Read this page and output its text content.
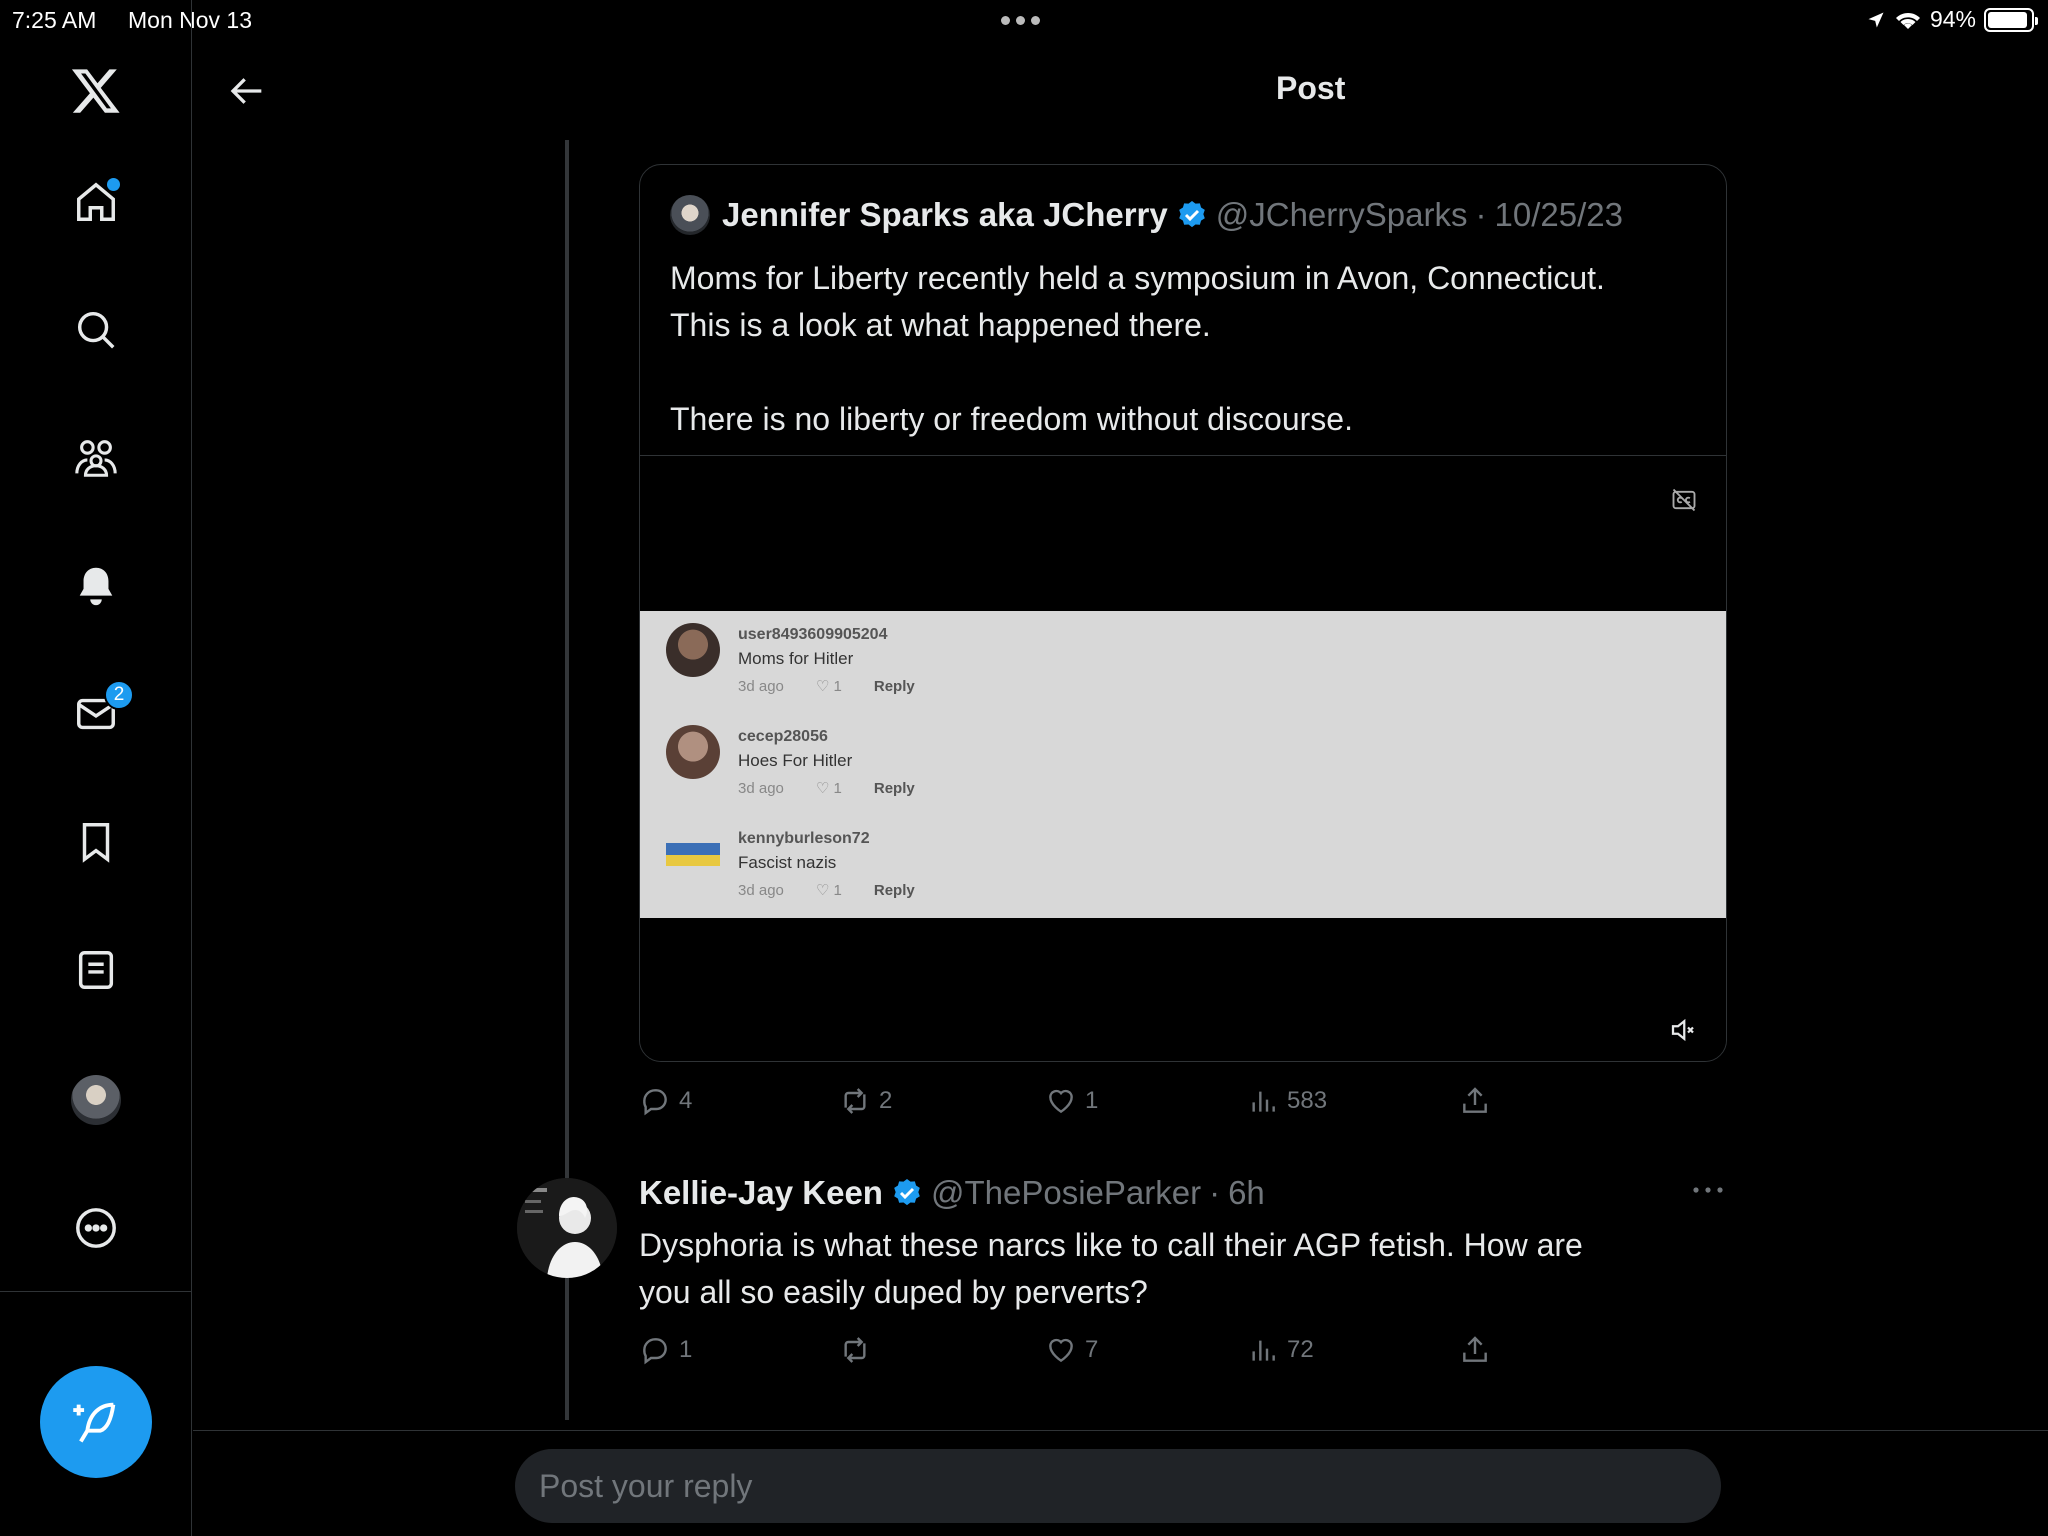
7:25 AM Mon Nov 13	94%
2
Post
Jennifer Sparks aka JCherry @JCherrySparks · 10/25/23

Moms for Liberty recently held a symposium in Avon, Connecticut.

This is a look at what happened there.

There is no liberty or freedom without discourse.

user8493609905204
Moms for Hitler
3d ago ♡ 1 Reply
cecep28056
Hoes For Hitler
3d ago ♡ 1 Reply
kennyburleson72
Fascist nazis
3d ago ♡ 1 Reply
4	2	1	583
Kellie-Jay Keen @ThePosieParker · 6h
Dysphoria is what these narcs like to call their AGP fetish. How are
you all so easily duped by perverts?
1	7	72
Post your reply
